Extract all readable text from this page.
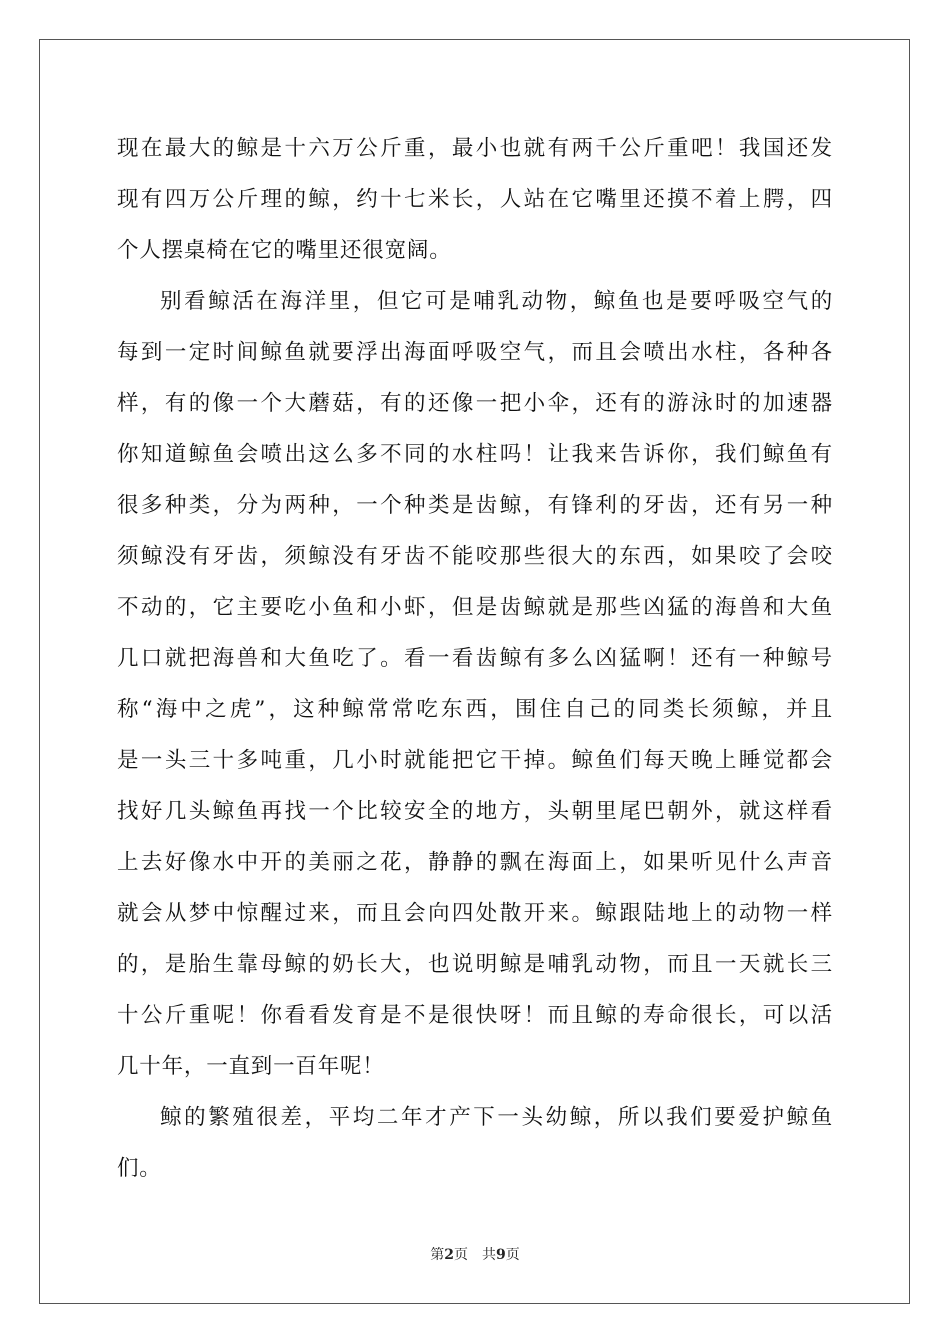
现在最大的鲸是十六万公斤重，最小也就有两千公斤重吧！我国还发
现有四万公斤理的鲸，约十七米长，人站在它嘴里还摸不着上腭，四
个人摆桌椅在它的嘴里还很宽阔。
别看鲸活在海洋里，但它可是哺乳动物，鲸鱼也是要呼吸空气的
每到一定时间鲸鱼就要浮出海面呼吸空气，而且会喷出水柱，各种各
样，有的像一个大蘑菇，有的还像一把小伞，还有的游泳时的加速器
你知道鲸鱼会喷出这么多不同的水柱吗！让我来告诉你，我们鲸鱼有
很多种类，分为两种，一个种类是齿鲸，有锋利的牙齿，还有另一种
须鲸没有牙齿，须鲸没有牙齿不能咬那些很大的东西，如果咬了会咬
不动的，它主要吃小鱼和小虾，但是齿鲸就是那些凶猛的海兽和大鱼
几口就把海兽和大鱼吃了。看一看齿鲸有多么凶猛啊！还有一种鲸号
称“海中之虎”，这种鲸常常吃东西，围住自己的同类长须鲸，并且
是一头三十多吨重，几小时就能把它干掉。鲸鱼们每天晚上睡觉都会
找好几头鲸鱼再找一个比较安全的地方，头朝里尾巴朝外，就这样看
上去好像水中开的美丽之花，静静的飘在海面上，如果听见什么声音
就会从梦中惊醒过来，而且会向四处散开来。鲸跟陆地上的动物一样
的，是胎生靠母鲸的奶长大，也说明鲸是哺乳动物，而且一天就长三
十公斤重呢！你看看发育是不是很快呀！而且鲸的寿命很长，可以活
几十年，一直到一百年呢！
鲸的繁殖很差，平均二年才产下一头幼鲸，所以我们要爱护鲸鱼
们。
第2页 共9页
